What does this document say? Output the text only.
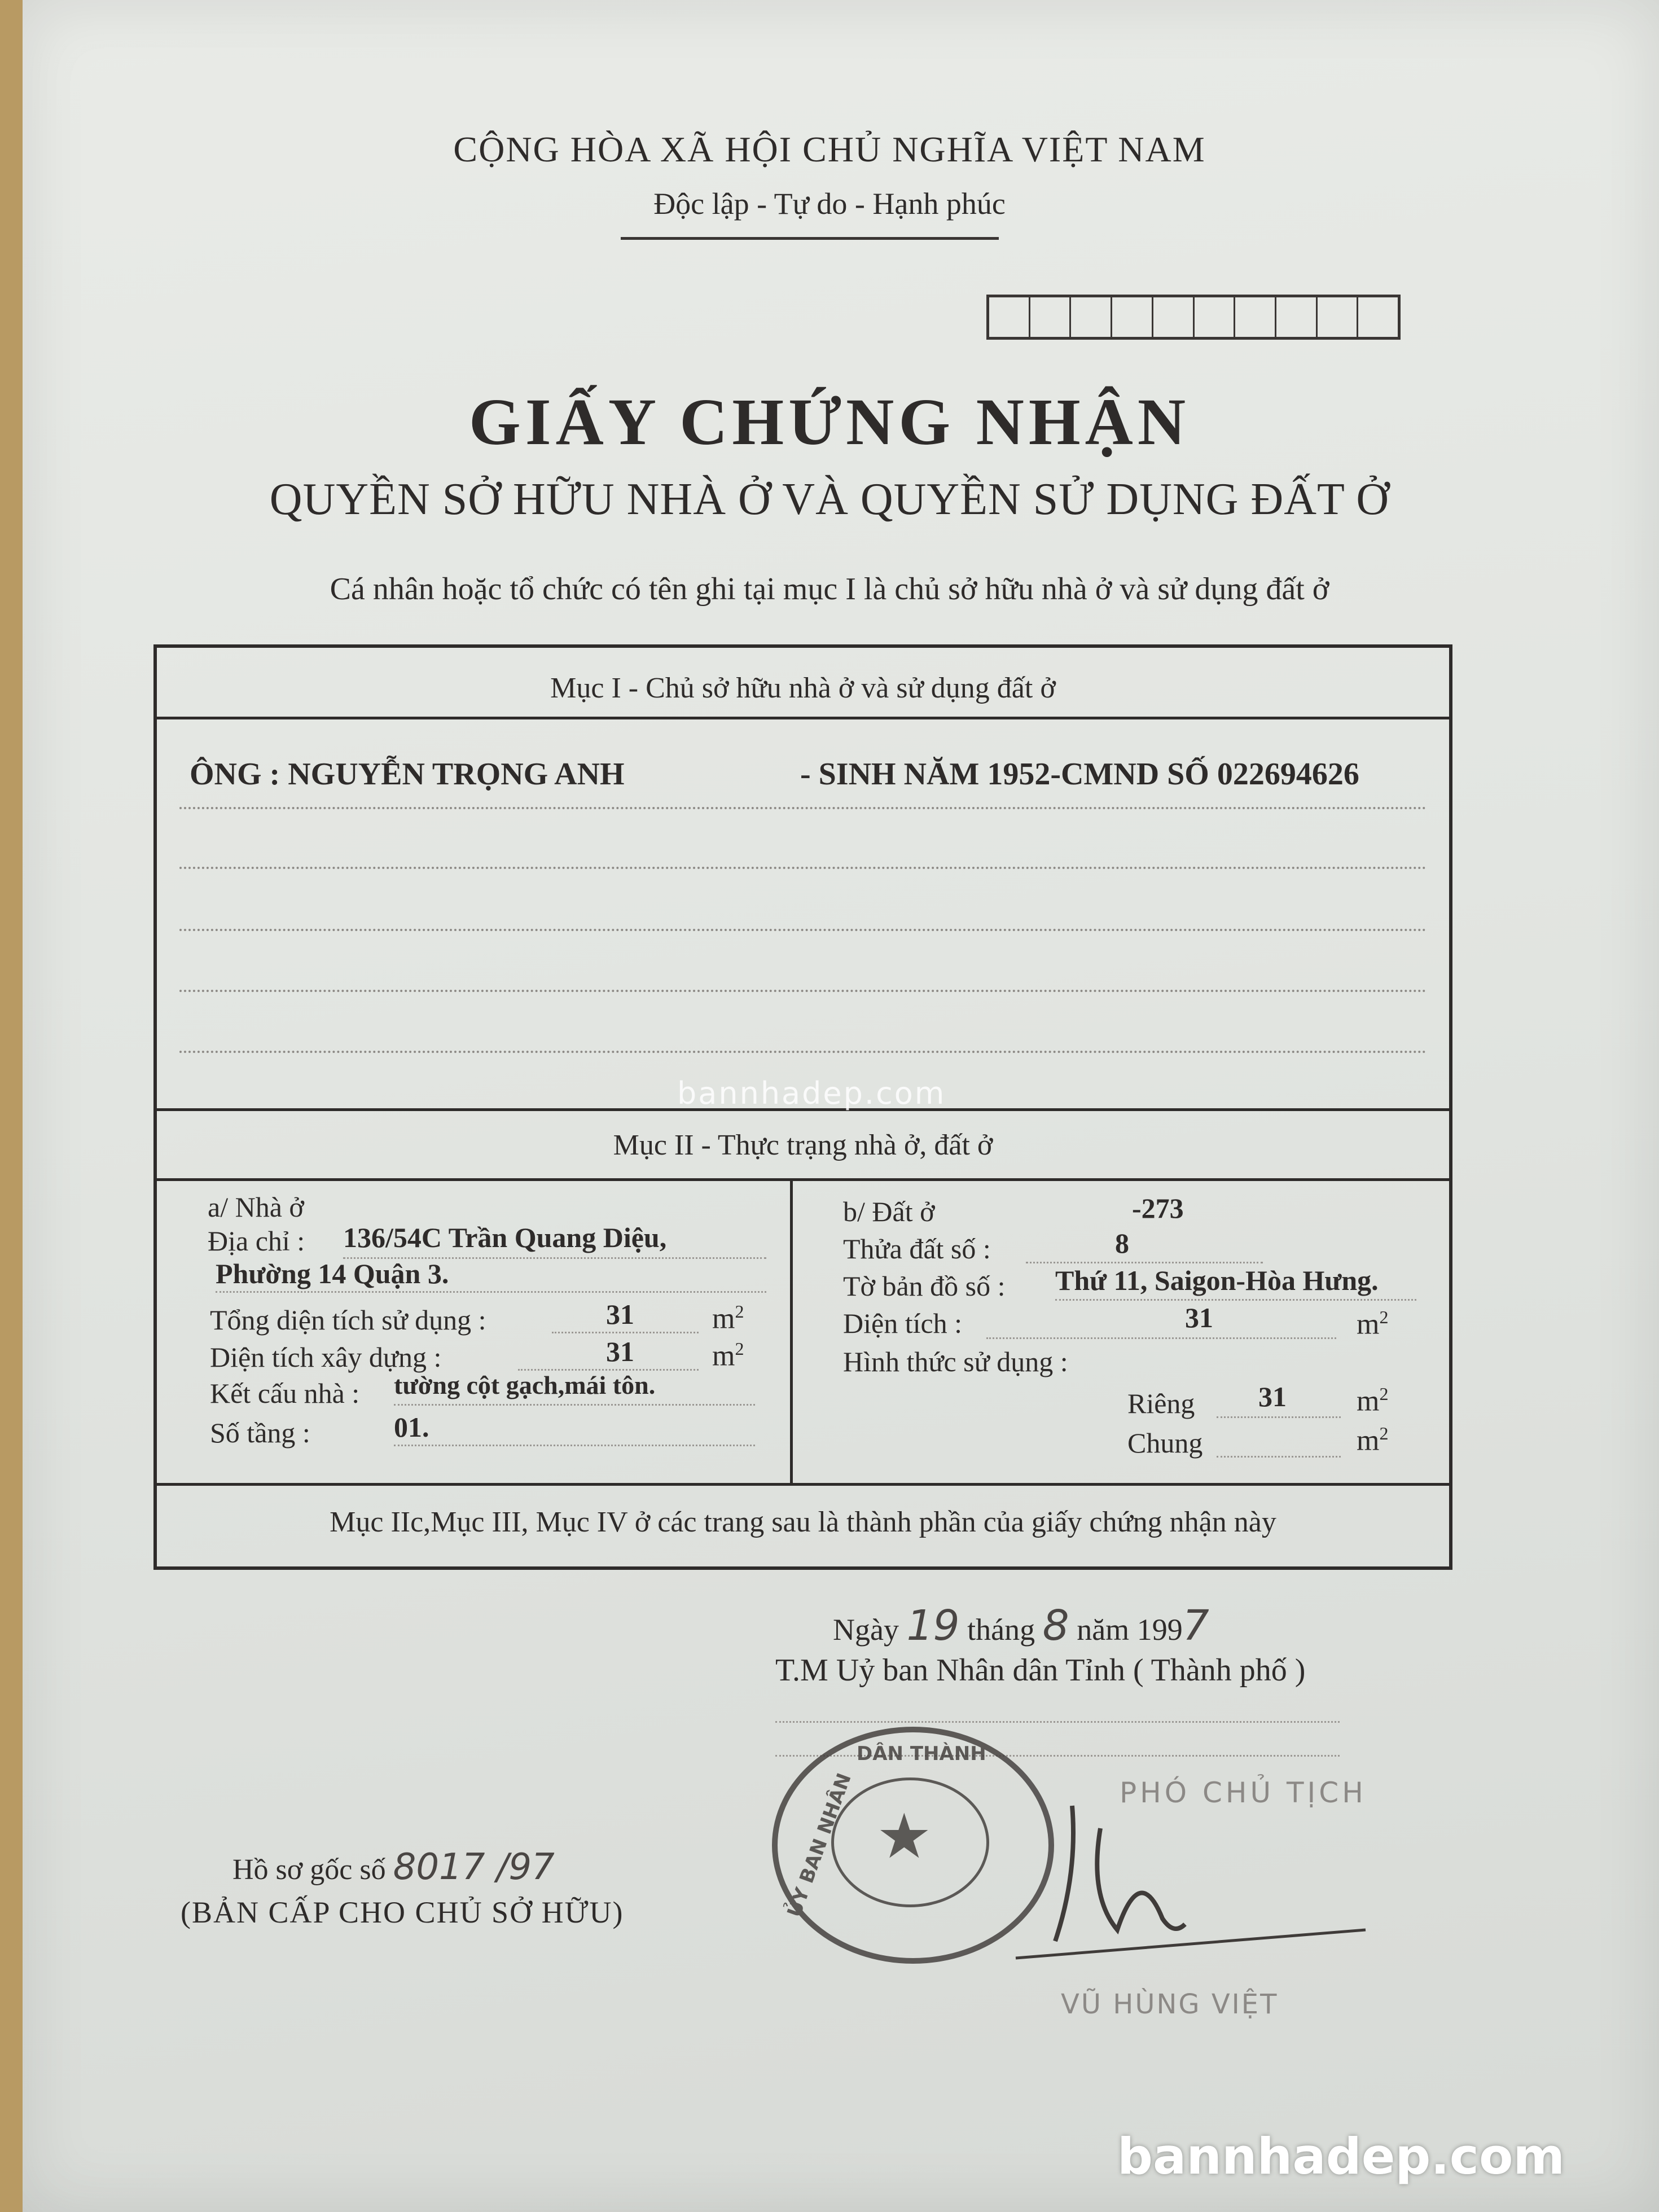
CỘNG HÒA XÃ HỘI CHỦ NGHĨA VIỆT NAM
Độc lập - Tự do - Hạnh phúc
GIẤY CHỨNG NHẬN
QUYỀN SỞ HỮU NHÀ Ở VÀ QUYỀN SỬ DỤNG ĐẤT Ở
Cá nhân hoặc tổ chức có tên ghi tại mục I là chủ sở hữu nhà ở và sử dụng đất ở
Mục I - Chủ sở hữu nhà ở và sử dụng đất ở
ÔNG : NGUYỄN TRỌNG ANH	- SINH NĂM 1952-CMND SỐ 022694626
Mục II - Thực trạng nhà ở, đất ở
a/ Nhà ở
Địa chỉ : 136/54C Trần Quang Diệu,
Phường 14 Quận 3.
Tổng diện tích sử dụng :	31	$m^2$
Diện tích xây dựng :	31	$m^2$
Kết cấu nhà : tường cột gạch,mái tôn.
Số tầng :	01.
b/ Đất ở	-273
Thửa đất số :	8
Tờ bản đồ số : Thứ 11, Saigon-Hòa Hưng.
Diện tích :	31	$m^2$
Hình thức sử dụng :
Riêng 31 $m^2$
Chung	$m^2$
Mục IIc,Mục III, Mục IV ở các trang sau là thành phần của giấy chứng nhận này
bannhadep.com
Ngày 19 tháng 8 năm 1997
T.M Uỷ ban Nhân dân Tỉnh ( Thành phố )
PHÓ CHỦ TỊCH
DÂN THÀNH
ỦY BAN NHÂN ★
VŨ HÙNG VIỆT
Hồ sơ gốc số 8017 /97
(BẢN CẤP CHO CHỦ SỞ HỮU)
bannhadep.com
